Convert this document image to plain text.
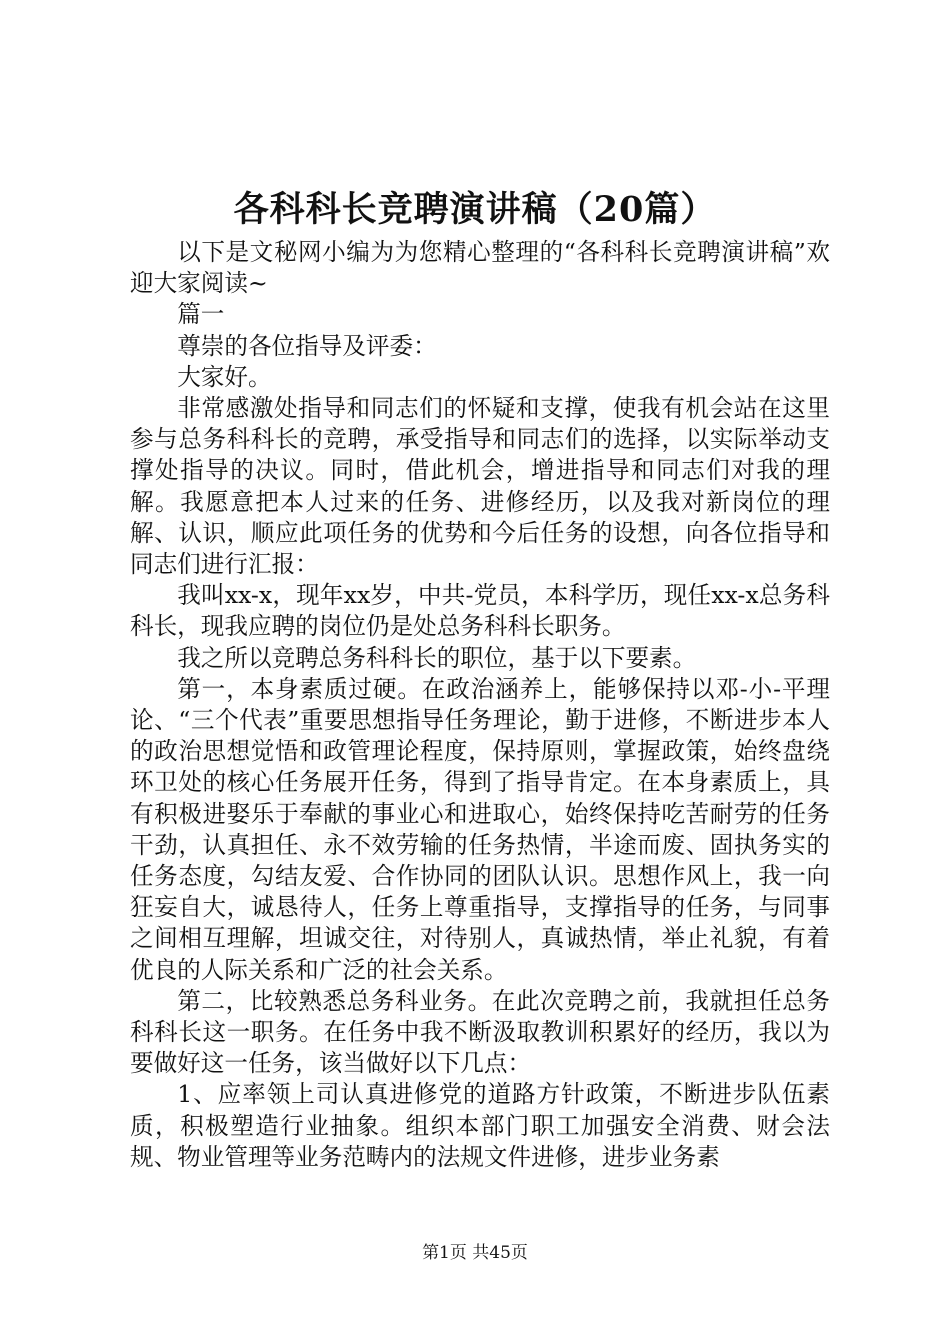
各科科长竞聘演讲稿（20篇）

以下是文秘网小编为为您精心整理的“各科科长竞聘演讲稿”欢迎大家阅读~

篇一

尊崇的各位指导及评委：

大家好。

非常感激处指导和同志们的怀疑和支撑，使我有机会站在这里参与总务科科长的竞聘，承受指导和同志们的选择，以实际举动支撑处指导的决议。同时，借此机会，增进指导和同志们对我的理解。我愿意把本人过来的任务、进修经历，以及我对新岗位的理解、认识，顺应此项任务的优势和今后任务的设想，向各位指导和同志们进行汇报：

我叫xx-x，现年xx岁，中共-党员，本科学历，现任xx-x总务科科长，现我应聘的岗位仍是处总务科科长职务。

我之所以竞聘总务科科长的职位，基于以下要素。

第一，本身素质过硬。在政治涵养上，能够保持以邓-小-平理论、“三个代表”重要思想指导任务理论，勤于进修，不断进步本人的政治思想觉悟和政管理论程度，保持原则，掌握政策，始终盘绕环卫处的核心任务展开任务，得到了指导肯定。在本身素质上，具有积极进娶乐于奉献的事业心和进取心，始终保持吃苦耐劳的任务干劲，认真担任、永不效劳输的任务热情，半途而废、固执务实的任务态度，勾结友爱、合作协同的团队认识。思想作风上，我一向狂妄自大，诚恳待人，任务上尊重指导，支撑指导的任务，与同事之间相互理解，坦诚交往，对待别人，真诚热情，举止礼貌，有着优良的人际关系和广泛的社会关系。

第二，比较熟悉总务科业务。在此次竞聘之前，我就担任总务科科长这一职务。在任务中我不断汲取教训积累好的经历，我以为要做好这一任务，该当做好以下几点：

1、应率领上司认真进修党的道路方针政策，不断进步队伍素质，积极塑造行业抽象。组织本部门职工加强安全消费、财会法规、物业管理等业务范畴内的法规文件进修，进步业务素

第1页 共45页
